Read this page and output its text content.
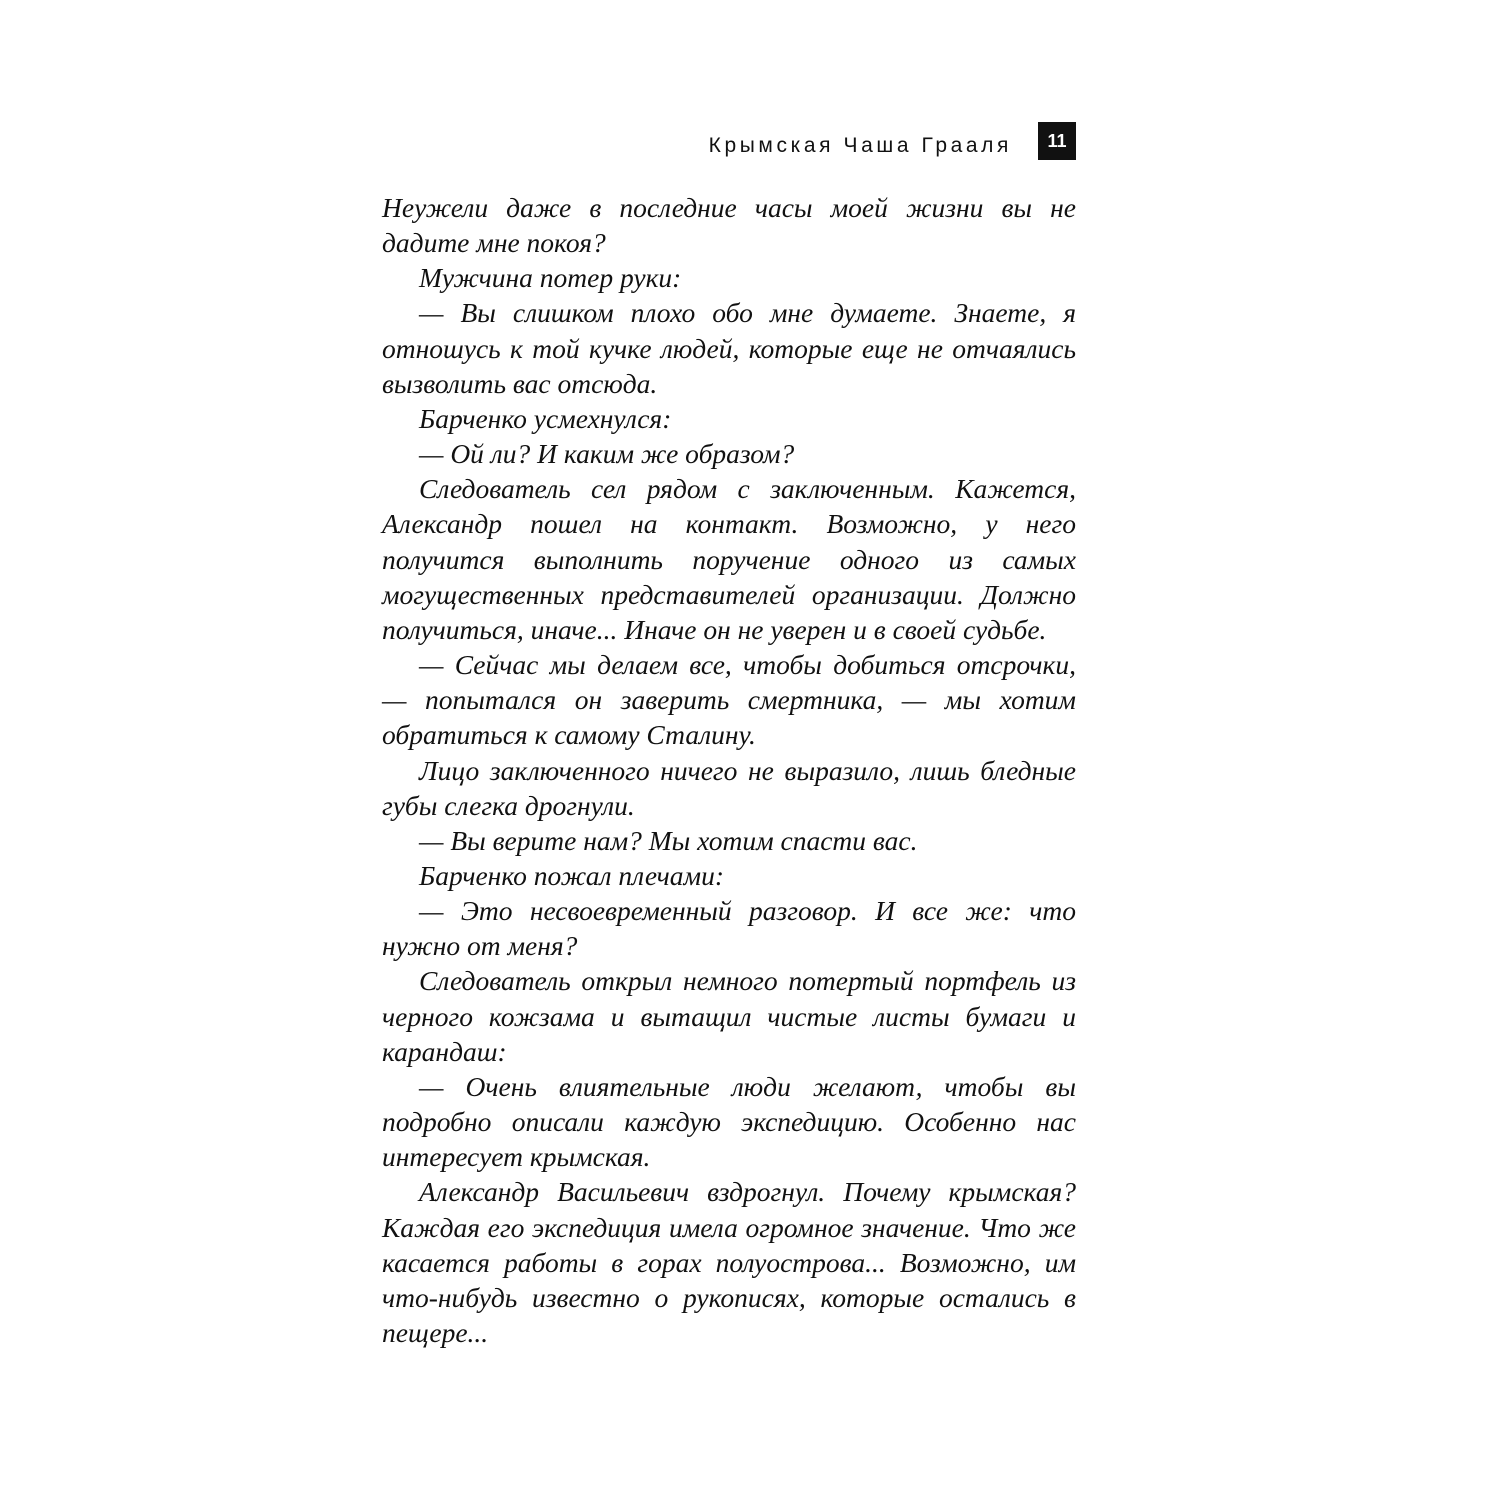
Крымская Чаша Грааля	11

Неужели даже в последние часы моей жизни вы не дадите мне покоя?

Мужчина потер руки:

— Вы слишком плохо обо мне думаете. Знаете, я отношусь к той кучке людей, которые еще не отчаялись вызволить вас отсюда.

Барченко усмехнулся:

— Ой ли? И каким же образом?

Следователь сел рядом с заключенным. Кажется, Александр пошел на контакт. Возможно, у него получится выполнить поручение одного из самых могущественных представителей организации. Должно получиться, иначе... Иначе он не уверен и в своей судьбе.

— Сейчас мы делаем все, чтобы добиться отсрочки, — попытался он заверить смертника, — мы хотим обратиться к самому Сталину.

Лицо заключенного ничего не выразило, лишь бледные губы слегка дрогнули.

— Вы верите нам? Мы хотим спасти вас.

Барченко пожал плечами:

— Это несвоевременный разговор. И все же: что нужно от меня?

Следователь открыл немного потертый портфель из черного кожзама и вытащил чистые листы бумаги и карандаш:

— Очень влиятельные люди желают, чтобы вы подробно описали каждую экспедицию. Особенно нас интересует крымская.

Александр Васильевич вздрогнул. Почему крымская? Каждая его экспедиция имела огромное значение. Что же касается работы в горах полуострова... Возможно, им что-нибудь известно о рукописях, которые остались в пещере...
